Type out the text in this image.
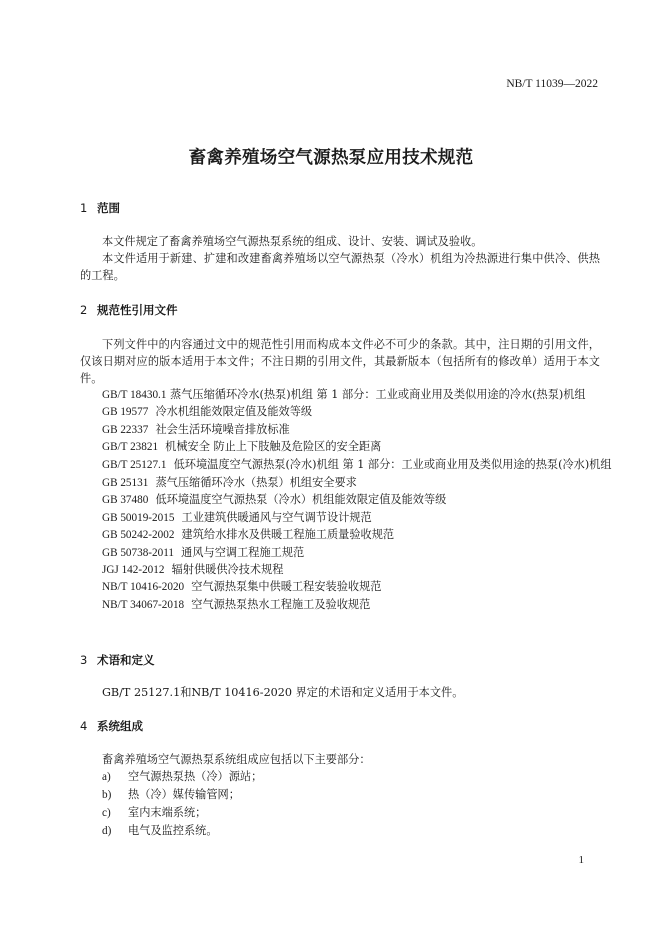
NB/T 11039—2022
畜禽养殖场空气源热泵应用技术规范
1 范围
本文件规定了畜禽养殖场空气源热泵系统的组成、设计、安装、调试及验收。
本文件适用于新建、扩建和改建畜禽养殖场以空气源热泵（冷水）机组为冷热源进行集中供冷、供热的工程。
2 规范性引用文件
下列文件中的内容通过文中的规范性引用而构成本文件必不可少的条款。其中，注日期的引用文件，仅该日期对应的版本适用于本文件；不注日期的引用文件，其最新版本（包括所有的修改单）适用于本文件。
GB/T 18430.1 蒸气压缩循环冷水(热泵)机组 第 1 部分：工业或商业用及类似用途的冷水(热泵)机组
GB 19577 冷水机组能效限定值及能效等级
GB 22337 社会生活环境噪音排放标准
GB/T 23821 机械安全 防止上下肢触及危险区的安全距离
GB/T 25127.1 低环境温度空气源热泵(冷水)机组 第 1 部分：工业或商业用及类似用途的热泵(冷水)机组
GB 25131 蒸气压缩循环冷水（热泵）机组安全要求
GB 37480 低环境温度空气源热泵（冷水）机组能效限定值及能效等级
GB 50019-2015 工业建筑供暖通风与空气调节设计规范
GB 50242-2002 建筑给水排水及供暖工程施工质量验收规范
GB 50738-2011 通风与空调工程施工规范
JGJ 142-2012 辐射供暖供冷技术规程
NB/T 10416-2020 空气源热泵集中供暖工程安装验收规范
NB/T 34067-2018 空气源热泵热水工程施工及验收规范
3 术语和定义
GB/T 25127.1和NB/T 10416-2020 界定的术语和定义适用于本文件。
4 系统组成
畜禽养殖场空气源热泵系统组成应包括以下主要部分：
a) 空气源热泵热（冷）源站；
b) 热（冷）媒传输管网；
c) 室内末端系统；
d) 电气及监控系统。
1
